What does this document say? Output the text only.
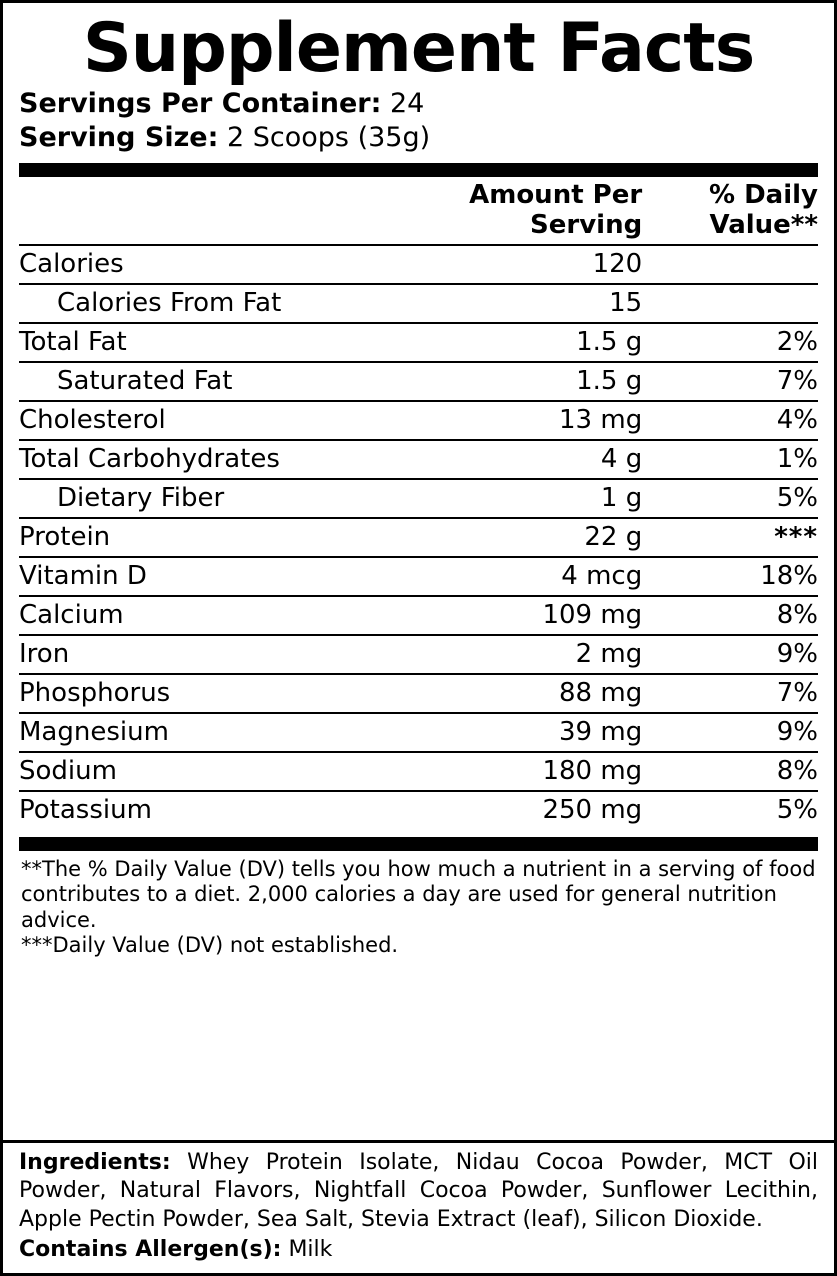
Supplement Facts
Servings Per Container: 24
Serving Size: 2 Scoops (35g)
	Amount Per Serving	% Daily Value**
Calories	120	
Calories From Fat	15	
Total Fat	1.5 g	2%
Saturated Fat	1.5 g	7%
Cholesterol	13 mg	4%
Total Carbohydrates	4 g	1%
Dietary Fiber	1 g	5%
Protein	22 g	***
Vitamin D	4 mcg	18%
Calcium	109 mg	8%
Iron	2 mg	9%
Phosphorus	88 mg	7%
Magnesium	39 mg	9%
Sodium	180 mg	8%
Potassium	250 mg	5%

**The % Daily Value (DV) tells you how much a nutrient in a serving of food contributes to a diet. 2,000 calories a day are used for general nutrition advice.

***Daily Value (DV) not established.

Ingredients: Whey Protein Isolate, Nidau Cocoa Powder, MCT Oil Powder, Natural Flavors, Nightfall Cocoa Powder, Sunflower Lecithin, Apple Pectin Powder, Sea Salt, Stevia Extract (leaf), Silicon Dioxide.
Contains Allergen(s): Milk
